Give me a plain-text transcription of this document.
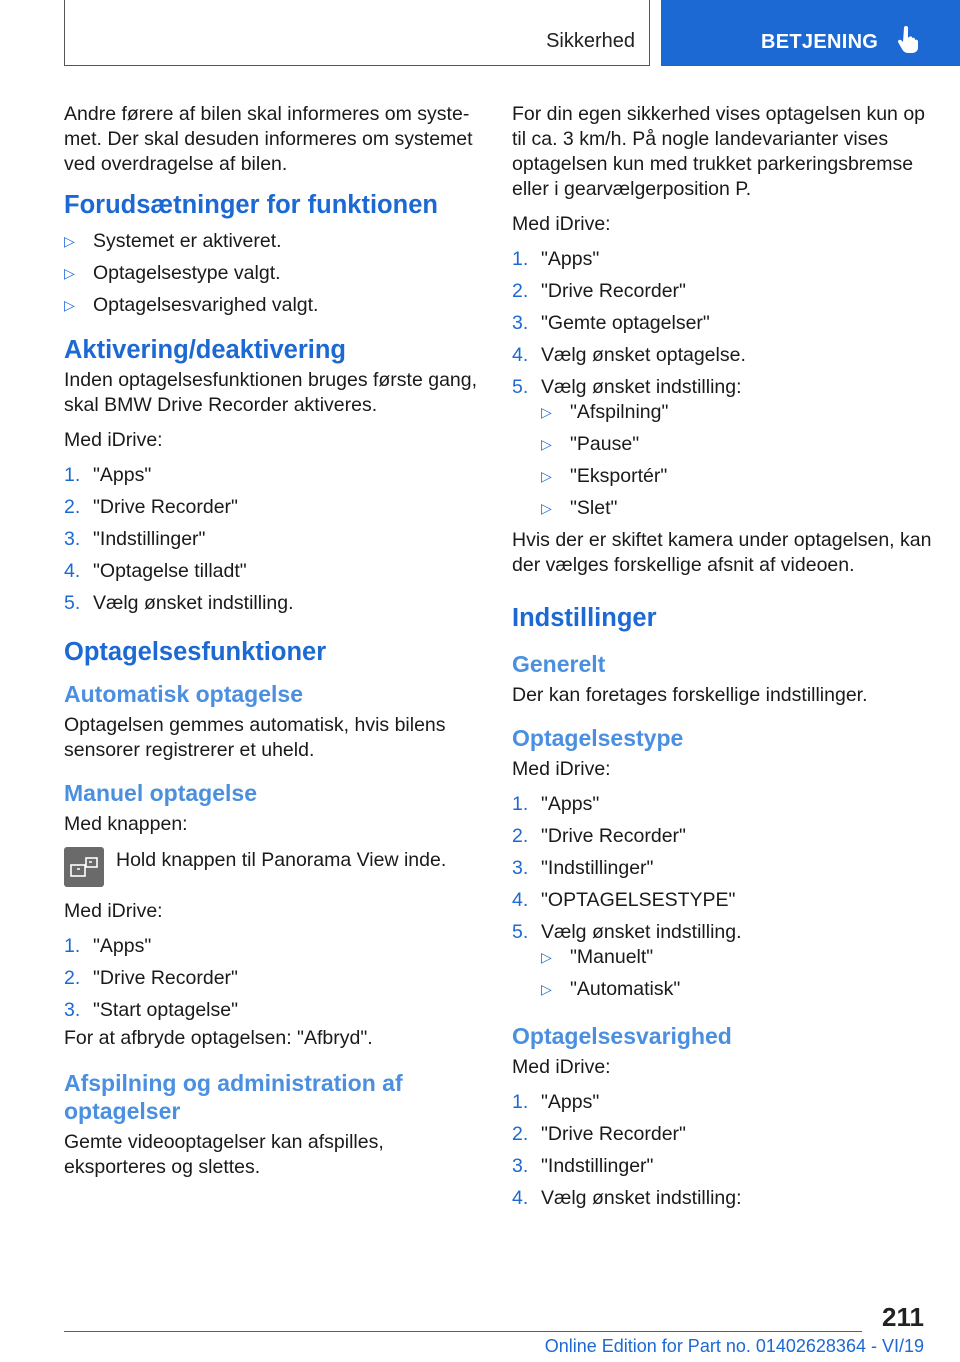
Sikkerhed	BETJENING

Andre førere af bilen skal informeres om systemet. Der skal desuden informeres om systemet ved overdragelse af bilen.

Forudsætninger for funktionen
▷ Systemet er aktiveret.
▷ Optagelsestype valgt.
▷ Optagelsesvarighed valgt.
Aktivering/deaktivering

Inden optagelsesfunktionen bruges første gang, skal BMW Drive Recorder aktiveres.

Med iDrive:

1. "Apps"
2. "Drive Recorder"
3. "Indstillinger"
4. "Optagelse tilladt"
5. Vælg ønsket indstilling.
Optagelsesfunktioner
Automatisk optagelse

Optagelsen gemmes automatisk, hvis bilens sensorer registrerer et uheld.

Manuel optagelse

Med knappen:

Hold knappen til Panorama View inde.

Med iDrive:

1. "Apps"
2. "Drive Recorder"
3. "Start optagelse"

For at afbryde optagelsen: "Afbryd".

Afspilning og administration af optagelser

Gemte videooptagelser kan afspilles, eksporteres og slettes.

For din egen sikkerhed vises optagelsen kun op til ca. 3 km/h. På nogle landevarianter vises optagelsen kun med trukket parkeringsbremse eller i gearvælgerposition P.

Med iDrive:

1. "Apps"
2. "Drive Recorder"
3. "Gemte optagelser"
4. Vælg ønsket optagelse.
5. Vælg ønsket indstilling:
▷ "Afspilning"
▷ "Pause"
▷ "Eksportér"
▷ "Slet"

Hvis der er skiftet kamera under optagelsen, kan der vælges forskellige afsnit af videoen.

Indstillinger
Generelt

Der kan foretages forskellige indstillinger.

Optagelsestype

Med iDrive:

1. "Apps"
2. "Drive Recorder"
3. "Indstillinger"
4. "OPTAGELSESTYPE"
5. Vælg ønsket indstilling.
▷ "Manuelt"
▷ "Automatisk"
Optagelsesvarighed

Med iDrive:

1. "Apps"
2. "Drive Recorder"
3. "Indstillinger"
4. Vælg ønsket indstilling:
211
Online Edition for Part no. 01402628364 - VI/19
